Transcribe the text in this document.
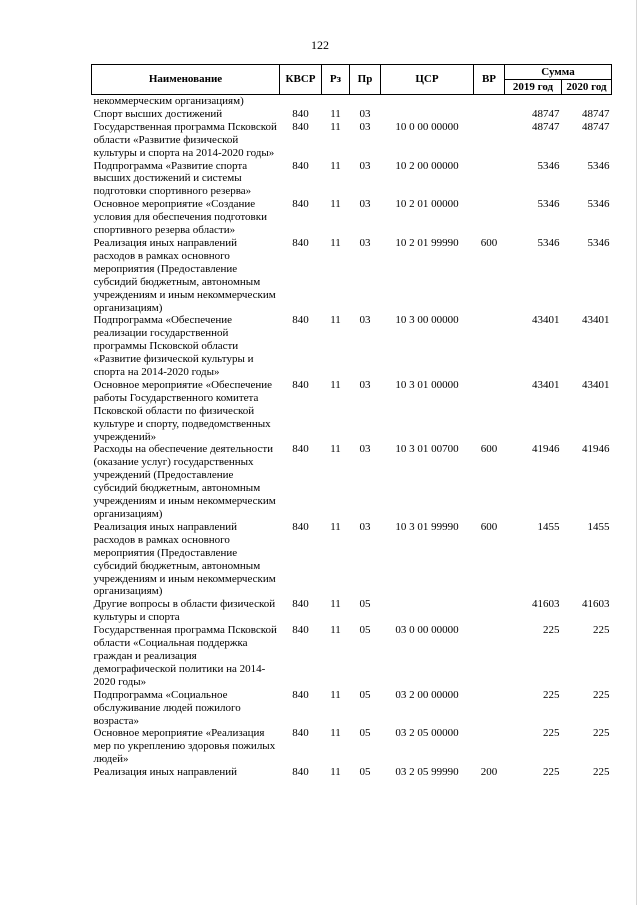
122
Наименование	КВСР	Рз	Пр	ЦСР	ВР	Сумма	
						2019 год	2020 год
некоммерческим организациям)							
Спорт высших достижений	840	11	03			48747	48747
Государственная программа Псковской области «Развитие физической культуры и спорта на 2014-2020 годы»	840	11	03	10 0 00 00000		48747	48747
Подпрограмма «Развитие спорта высших достижений и системы подготовки спортивного резерва»	840	11	03	10 2 00 00000		5346	5346
Основное мероприятие «Создание условия для обеспечения подготовки спортивного резерва области»	840	11	03	10 2 01 00000		5346	5346
Реализация иных направлений расходов в рамках основного мероприятия (Предоставление субсидий бюджетным, автономным учреждениям и иным некоммерческим организациям)	840	11	03	10 2 01 99990	600	5346	5346
Подпрограмма «Обеспечение реализации государственной программы Псковской области «Развитие физической культуры и спорта на 2014-2020 годы»	840	11	03	10 3 00 00000		43401	43401
Основное мероприятие «Обеспечение работы Государственного комитета Псковской области по физической культуре и спорту, подведомственных учреждений»	840	11	03	10 3 01 00000		43401	43401
Расходы на обеспечение деятельности (оказание услуг) государственных учреждений (Предоставление субсидий бюджетным, автономным учреждениям и иным некоммерческим организациям)	840	11	03	10 3 01 00700	600	41946	41946
Реализация иных направлений расходов в рамках основного мероприятия (Предоставление субсидий бюджетным, автономным учреждениям и иным некоммерческим организациям)	840	11	03	10 3 01 99990	600	1455	1455
Другие вопросы в области физической культуры и спорта	840	11	05			41603	41603
Государственная программа Псковской области «Социальная поддержка граждан и реализация демографической политики на 2014-2020 годы»	840	11	05	03 0 00 00000		225	225
Подпрограмма «Социальное обслуживание людей пожилого возраста»	840	11	05	03 2 00 00000		225	225
Основное мероприятие «Реализация мер по укреплению здоровья пожилых людей»	840	11	05	03 2 05 00000		225	225
Реализация иных направлений	840	11	05	03 2 05 99990	200	225	225
